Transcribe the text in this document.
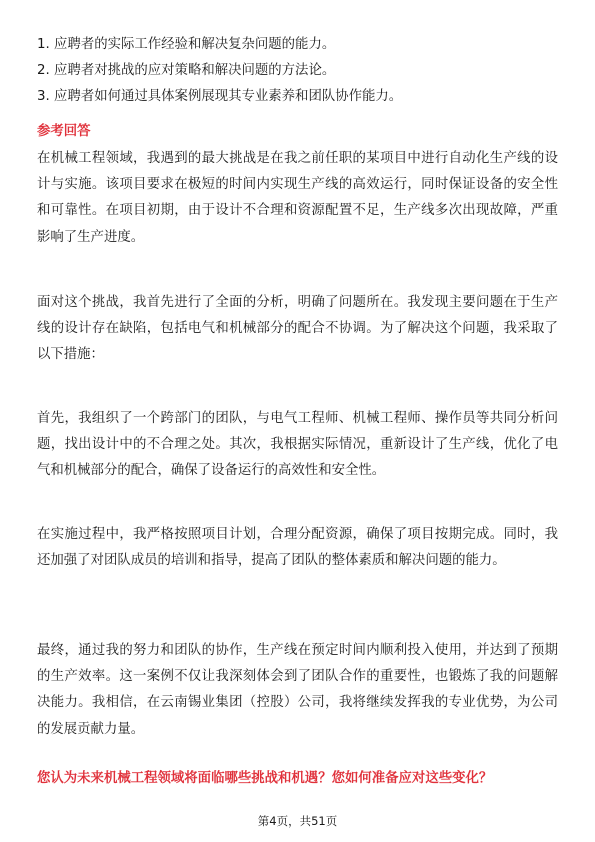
1. 应聘者的实际工作经验和解决复杂问题的能力。
2. 应聘者对挑战的应对策略和解决问题的方法论。
3. 应聘者如何通过具体案例展现其专业素养和团队协作能力。
参考回答
在机械工程领域，我遇到的最大挑战是在我之前任职的某项目中进行自动化生产线的设计与实施。该项目要求在极短的时间内实现生产线的高效运行，同时保证设备的安全性和可靠性。在项目初期，由于设计不合理和资源配置不足，生产线多次出现故障，严重影响了生产进度。
面对这个挑战，我首先进行了全面的分析，明确了问题所在。我发现主要问题在于生产线的设计存在缺陷，包括电气和机械部分的配合不协调。为了解决这个问题，我采取了以下措施：
首先，我组织了一个跨部门的团队，与电气工程师、机械工程师、操作员等共同分析问题，找出设计中的不合理之处。其次，我根据实际情况，重新设计了生产线，优化了电气和机械部分的配合，确保了设备运行的高效性和安全性。
在实施过程中，我严格按照项目计划，合理分配资源，确保了项目按期完成。同时，我还加强了对团队成员的培训和指导，提高了团队的整体素质和解决问题的能力。
最终，通过我的努力和团队的协作，生产线在预定时间内顺利投入使用，并达到了预期的生产效率。这一案例不仅让我深刻体会到了团队合作的重要性，也锻炼了我的问题解决能力。我相信，在云南锡业集团（控股）公司，我将继续发挥我的专业优势，为公司的发展贡献力量。
您认为未来机械工程领域将面临哪些挑战和机遇？您如何准备应对这些变化？
第4页，共51页
